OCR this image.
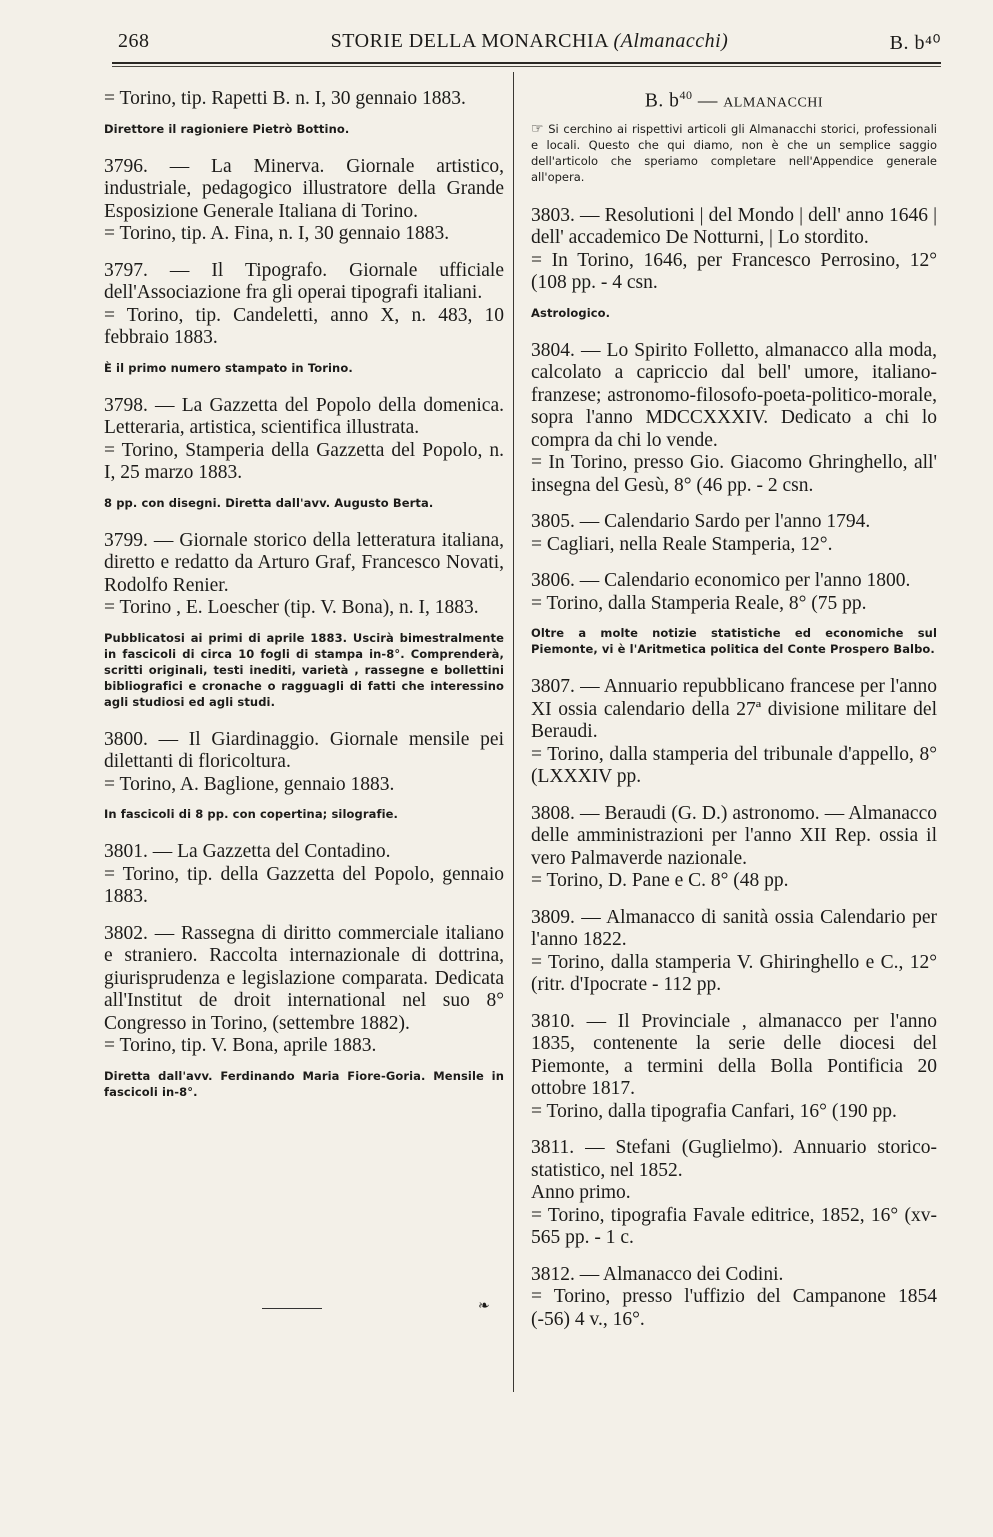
268	STORIE DELLA MONARCHIA (Almanacchi)	B. b⁴⁰
= Torino, tip. Rapetti B. n. I, 30 gennaio 1883.
Direttore il ragioniere Pietrò Bottino.
3796. — La Minerva. Giornale artistico, industriale, pedagogico illustratore della Grande Esposizione Generale Italiana di Torino.
= Torino, tip. A. Fina, n. I, 30 gennaio 1883.
3797. — Il Tipografo. Giornale ufficiale dell'Associazione fra gli operai tipografi italiani.
= Torino, tip. Candeletti, anno X, n. 483, 10 febbraio 1883.
È il primo numero stampato in Torino.
3798. — La Gazzetta del Popolo della domenica. Letteraria, artistica, scientifica illustrata.
= Torino, Stamperia della Gazzetta del Popolo, n. I, 25 marzo 1883.
8 pp. con disegni. Diretta dall'avv. Augusto Berta.
3799. — Giornale storico della letteratura italiana, diretto e redatto da Arturo Graf, Francesco Novati, Rodolfo Renier.
= Torino , E. Loescher (tip. V. Bona), n. I, 1883.
Pubblicatosi ai primi di aprile 1883. Uscirà bimestralmente in fascicoli di circa 10 fogli di stampa in-8°. Comprenderà, scritti originali, testi inediti, varietà , rassegne e bollettini bibliografici e cronache o ragguagli di fatti che interessino agli studiosi ed agli studi.
3800. — Il Giardinaggio. Giornale mensile pei dilettanti di floricoltura.
= Torino, A. Baglione, gennaio 1883.
In fascicoli di 8 pp. con copertina; silografie.
3801. — La Gazzetta del Contadino.
= Torino, tip. della Gazzetta del Popolo, gennaio 1883.
3802. — Rassegna di diritto commerciale italiano e straniero. Raccolta internazionale di dottrina, giurisprudenza e legislazione comparata. Dedicata all'Institut de droit international nel suo 8° Congresso in Torino, (settembre 1882).
= Torino, tip. V. Bona, aprile 1883.
Diretta dall'avv. Ferdinando Maria Fiore-Goria. Mensile in fascicoli in-8°.
B. $b^{40}$ — ALMANACCHI
☞ Si cerchino ai rispettivi articoli gli Almanacchi storici, professionali e locali. Questo che qui diamo, non è che un semplice saggio dell'articolo che speriamo completare nell'Appendice generale all'opera.
3803. — Resolutioni | del Mondo | dell' anno 1646 | dell' accademico De Notturni, | Lo stordito.
= In Torino, 1646, per Francesco Perrosino, 12° (108 pp. - 4 csn.
Astrologico.
3804. — Lo Spirito Folletto, almanacco alla moda, calcolato a capriccio dal bell' umore, italiano-franzese; astronomo-filosofo-poeta-politico-morale, sopra l'anno MDCCXXXIV. Dedicato a chi lo compra da chi lo vende.
= In Torino, presso Gio. Giacomo Ghringhello, all' insegna del Gesù, 8° (46 pp. - 2 csn.
3805. — Calendario Sardo per l'anno 1794.
= Cagliari, nella Reale Stamperia, 12°.
3806. — Calendario economico per l'anno 1800.
= Torino, dalla Stamperia Reale, 8° (75 pp.
Oltre a molte notizie statistiche ed economiche sul Piemonte, vi è l'Aritmetica politica del Conte Prospero Balbo.
3807. — Annuario repubblicano francese per l'anno XI ossia calendario della 27ª divisione militare del Beraudi.
= Torino, dalla stamperia del tribunale d'appello, 8° (LXXXIV pp.
3808. — Beraudi (G. D.) astronomo. — Almanacco delle amministrazioni per l'anno XII Rep. ossia il vero Palmaverde nazionale.
= Torino, D. Pane e C. 8° (48 pp.
3809. — Almanacco di sanità ossia Calendario per l'anno 1822.
= Torino, dalla stamperia V. Ghiringhello e C., 12° (ritr. d'Ipocrate - 112 pp.
3810. — Il Provinciale , almanacco per l'anno 1835, contenente la serie delle diocesi del Piemonte, a termini della Bolla Pontificia 20 ottobre 1817.
= Torino, dalla tipografia Canfari, 16° (190 pp.
3811. — Stefani (Guglielmo). Annuario storico-statistico, nel 1852.
Anno primo.
= Torino, tipografia Favale editrice, 1852, 16° (xv-565 pp. - 1 c.
3812. — Almanacco dei Codini.
= Torino, presso l'uffizio del Campanone 1854 (-56) 4 v., 16°.
❧
